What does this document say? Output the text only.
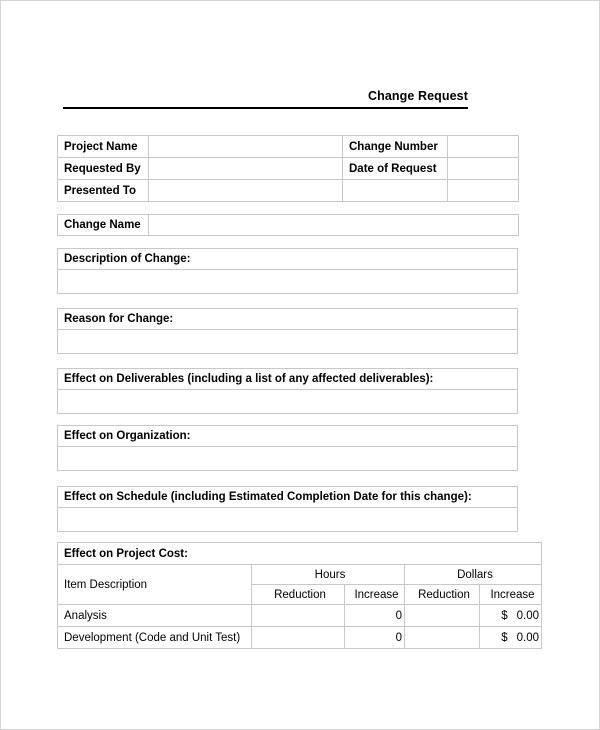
Change Request
Project Name		Change Number	
Requested By		Date of Request	
Presented To			
Change Name	
Description of Change:

Reason for Change:

Effect on Deliverables (including a list of any affected deliverables):

Effect on Organization:

Effect on Schedule (including Estimated Completion Date for this change):

Effect on Project Cost:				
Item Description	Hours		Dollars	
	Reduction	Increase	Reduction	Increase
Analysis		0		$ 0.00

Development (Code and Unit Test)		0		$ 0.00
